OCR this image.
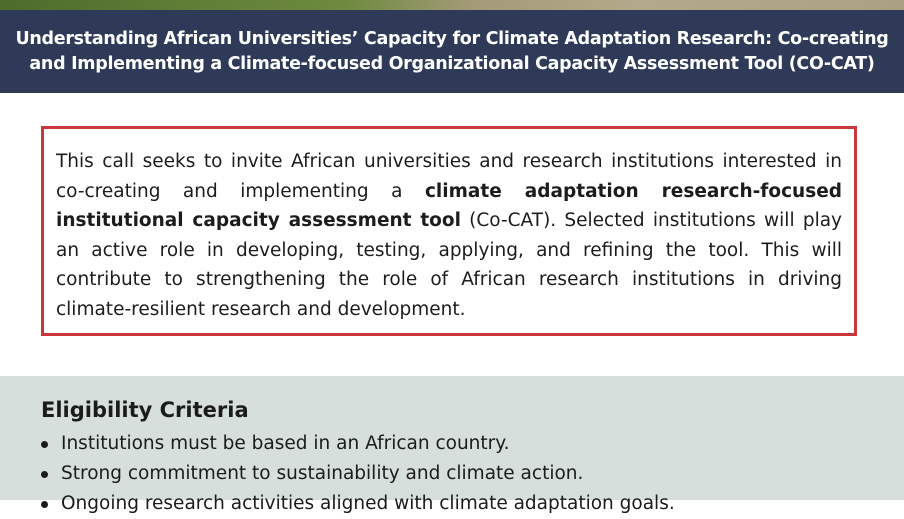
Understanding African Universities’ Capacity for Climate Adaptation Research: Co-creating and Implementing a Climate-focused Organizational Capacity Assessment Tool (CO-CAT)

This call seeks to invite African universities and research institutions interested in co-creating and implementing a climate adaptation research-focused institutional capacity assessment tool (Co-CAT). Selected institutions will play an active role in developing, testing, applying, and refining the tool. This will contribute to strengthening the role of African research institutions in driving climate-resilient research and development.

Eligibility Criteria
Institutions must be based in an African country.
Strong commitment to sustainability and climate action.
Ongoing research activities aligned with climate adaptation goals.
